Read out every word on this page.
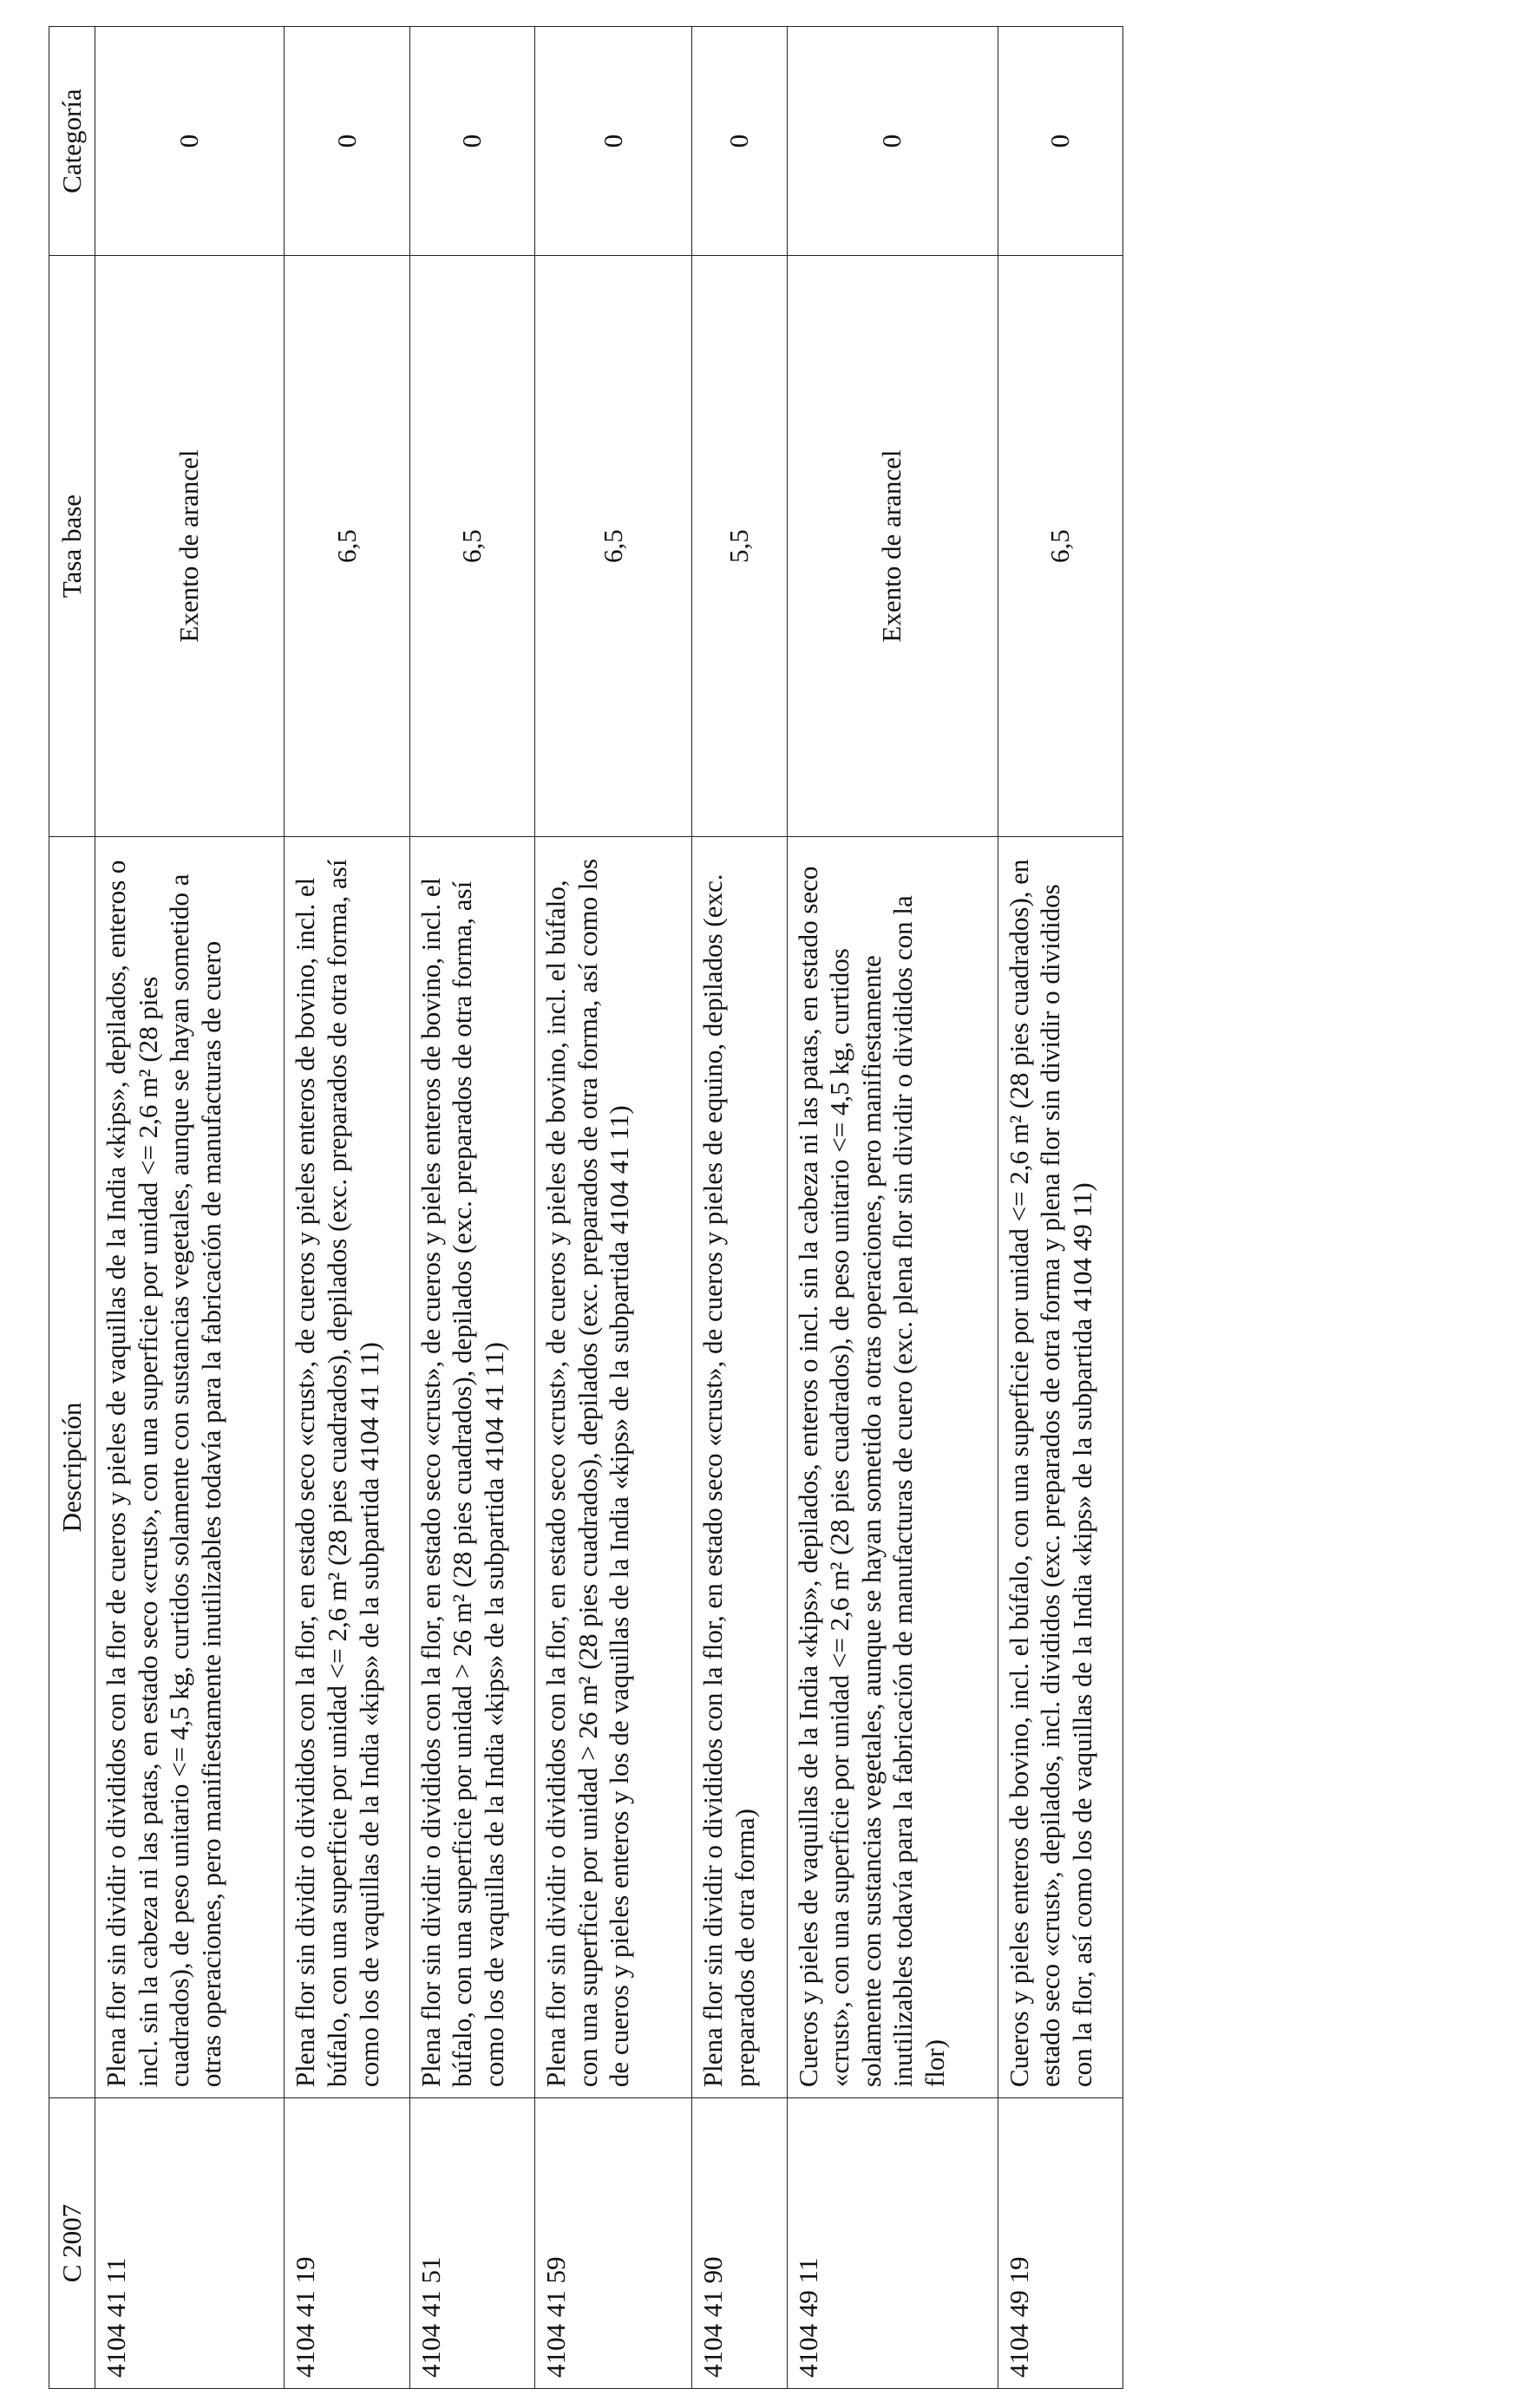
C 2007	Descripción	Tasa base	Categoría
4104 41 11	Plena flor sin dividir o divididos con la flor de cueros y pieles de vaquillas de la India «kips», depilados, enteros o incl. sin la cabeza ni las patas, en estado seco «crust», con una superficie por unidad <= 2,6 m² (28 pies cuadrados), de peso unitario <= 4,5 kg, curtidos solamente con sustancias vegetales, aunque se hayan sometido a otras operaciones, pero manifiestamente inutilizables todavía para la fabricación de manufacturas de cuero	Exento de arancel	0
4104 41 19	Plena flor sin dividir o divididos con la flor, en estado seco «crust», de cueros y pieles enteros de bovino, incl. el búfalo, con una superficie por unidad <= 2,6 m² (28 pies cuadrados), depilados (exc. preparados de otra forma, así como los de vaquillas de la India «kips» de la subpartida 4104 41 11)	6,5	0
4104 41 51	Plena flor sin dividir o divididos con la flor, en estado seco «crust», de cueros y pieles enteros de bovino, incl. el búfalo, con una superficie por unidad > 26 m² (28 pies cuadrados), depilados (exc. preparados de otra forma, así como los de vaquillas de la India «kips» de la subpartida 4104 41 11)	6,5	0
4104 41 59	Plena flor sin dividir o divididos con la flor, en estado seco «crust», de cueros y pieles de bovino, incl. el búfalo, con una superficie por unidad > 26 m² (28 pies cuadrados), depilados (exc. preparados de otra forma, así como los de cueros y pieles enteros y los de vaquillas de la India «kips» de la subpartida 4104 41 11)	6,5	0
4104 41 90	Plena flor sin dividir o divididos con la flor, en estado seco «crust», de cueros y pieles de equino, depilados (exc. preparados de otra forma)	5,5	0
4104 49 11	Cueros y pieles de vaquillas de la India «kips», depilados, enteros o incl. sin la cabeza ni las patas, en estado seco «crust», con una superficie por unidad <= 2,6 m² (28 pies cuadrados), de peso unitario <= 4,5 kg, curtidos solamente con sustancias vegetales, aunque se hayan sometido a otras operaciones, pero manifiestamente inutilizables todavía para la fabricación de manufacturas de cuero (exc. plena flor sin dividir o divididos con la flor)	Exento de arancel	0
4104 49 19	Cueros y pieles enteros de bovino, incl. el búfalo, con una superficie por unidad <= 2,6 m² (28 pies cuadrados), en estado seco «crust», depilados, incl. divididos (exc. preparados de otra forma y plena flor sin dividir o divididos con la flor, así como los de vaquillas de la India «kips» de la subpartida 4104 49 11)	6,5	0
